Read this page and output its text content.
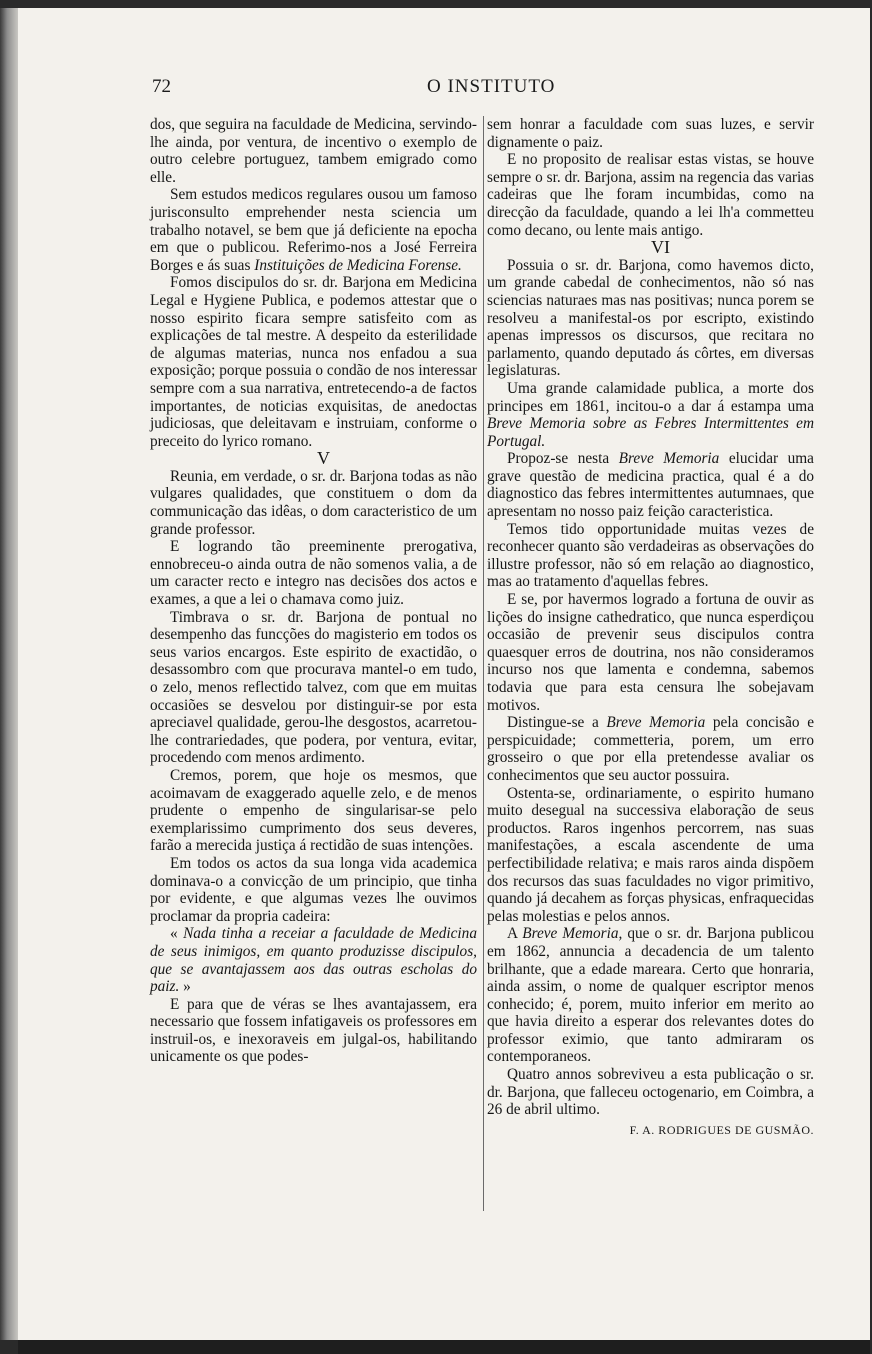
72	O INSTITUTO

dos, que seguira na faculdade de Medicina, servindo-lhe ainda, por ventura, de incentivo o exemplo de outro celebre portuguez, tambem emigrado como elle.

Sem estudos medicos regulares ousou um famoso jurisconsulto emprehender nesta sciencia um trabalho notavel, se bem que já deficiente na epocha em que o publicou. Referimo-nos a José Ferreira Borges e ás suas Instituições de Medicina Forense.

Fomos discipulos do sr. dr. Barjona em Medicina Legal e Hygiene Publica, e podemos attestar que o nosso espirito ficara sempre satisfeito com as explicações de tal mestre. A despeito da esterilidade de algumas materias, nunca nos enfadou a sua exposição; porque possuia o condão de nos interessar sempre com a sua narrativa, entretecendo-a de factos importantes, de noticias exquisitas, de anedoctas judiciosas, que deleitavam e instruiam, conforme o preceito do lyrico romano.

V

Reunia, em verdade, o sr. dr. Barjona todas as não vulgares qualidades, que constituem o dom da communicação das idêas, o dom caracteristico de um grande professor.

E logrando tão preeminente prerogativa, ennobreceu-o ainda outra de não somenos valia, a de um caracter recto e integro nas decisões dos actos e exames, a que a lei o chamava como juiz.

Timbrava o sr. dr. Barjona de pontual no desempenho das funcções do magisterio em todos os seus varios encargos. Este espirito de exactidão, o desassombro com que procurava mantel-o em tudo, o zelo, menos reflectido talvez, com que em muitas occasiões se desvelou por distinguir-se por esta apreciavel qualidade, gerou-lhe desgostos, acarretou-lhe contrariedades, que podera, por ventura, evitar, procedendo com menos ardimento.

Cremos, porem, que hoje os mesmos, que acoimavam de exaggerado aquelle zelo, e de menos prudente o empenho de singularisar-se pelo exemplarissimo cumprimento dos seus deveres, farão a merecida justiça á rectidão de suas intenções.

Em todos os actos da sua longa vida academica dominava-o a convicção de um principio, que tinha por evidente, e que algumas vezes lhe ouvimos proclamar da propria cadeira:

« Nada tinha a receiar a faculdade de Medicina de seus inimigos, em quanto produzisse discipulos, que se avantajassem aos das outras escholas do paiz. »

E para que de véras se lhes avantajassem, era necessario que fossem infatigaveis os professores em instruil-os, e inexoraveis em julgal-os, habilitando unicamente os que podes-

sem honrar a faculdade com suas luzes, e servir dignamente o paiz.

E no proposito de realisar estas vistas, se houve sempre o sr. dr. Barjona, assim na regencia das varias cadeiras que lhe foram incumbidas, como na direcção da faculdade, quando a lei lh'a commetteu como decano, ou lente mais antigo.

VI

Possuia o sr. dr. Barjona, como havemos dicto, um grande cabedal de conhecimentos, não só nas sciencias naturaes mas nas positivas; nunca porem se resolveu a manifestal-os por escripto, existindo apenas impressos os discursos, que recitara no parlamento, quando deputado ás côrtes, em diversas legislaturas.

Uma grande calamidade publica, a morte dos principes em 1861, incitou-o a dar á estampa uma Breve Memoria sobre as Febres Intermittentes em Portugal.

Propoz-se nesta Breve Memoria elucidar uma grave questão de medicina practica, qual é a do diagnostico das febres intermittentes autumnaes, que apresentam no nosso paiz feição caracteristica.

Temos tido opportunidade muitas vezes de reconhecer quanto são verdadeiras as observações do illustre professor, não só em relação ao diagnostico, mas ao tratamento d'aquellas febres.

E se, por havermos logrado a fortuna de ouvir as lições do insigne cathedratico, que nunca esperdiçou occasião de prevenir seus discipulos contra quaesquer erros de doutrina, nos não consideramos incurso nos que lamenta e condemna, sabemos todavia que para esta censura lhe sobejavam motivos.

Distingue-se a Breve Memoria pela concisão e perspicuidade; commetteria, porem, um erro grosseiro o que por ella pretendesse avaliar os conhecimentos que seu auctor possuira.

Ostenta-se, ordinariamente, o espirito humano muito desegual na successiva elaboração de seus productos. Raros ingenhos percorrem, nas suas manifestações, a escala ascendente de uma perfectibilidade relativa; e mais raros ainda dispõem dos recursos das suas faculdades no vigor primitivo, quando já decahem as forças physicas, enfraquecidas pelas molestias e pelos annos.

A Breve Memoria, que o sr. dr. Barjona publicou em 1862, annuncia a decadencia de um talento brilhante, que a edade mareara. Certo que honraria, ainda assim, o nome de qualquer escriptor menos conhecido; é, porem, muito inferior em merito ao que havia direito a esperar dos relevantes dotes do professor eximio, que tanto admiraram os contemporaneos.

Quatro annos sobreviveu a esta publicação o sr. dr. Barjona, que falleceu octogenario, em Coimbra, a 26 de abril ultimo.

F. A. RODRIGUES DE GUSMÃO.
